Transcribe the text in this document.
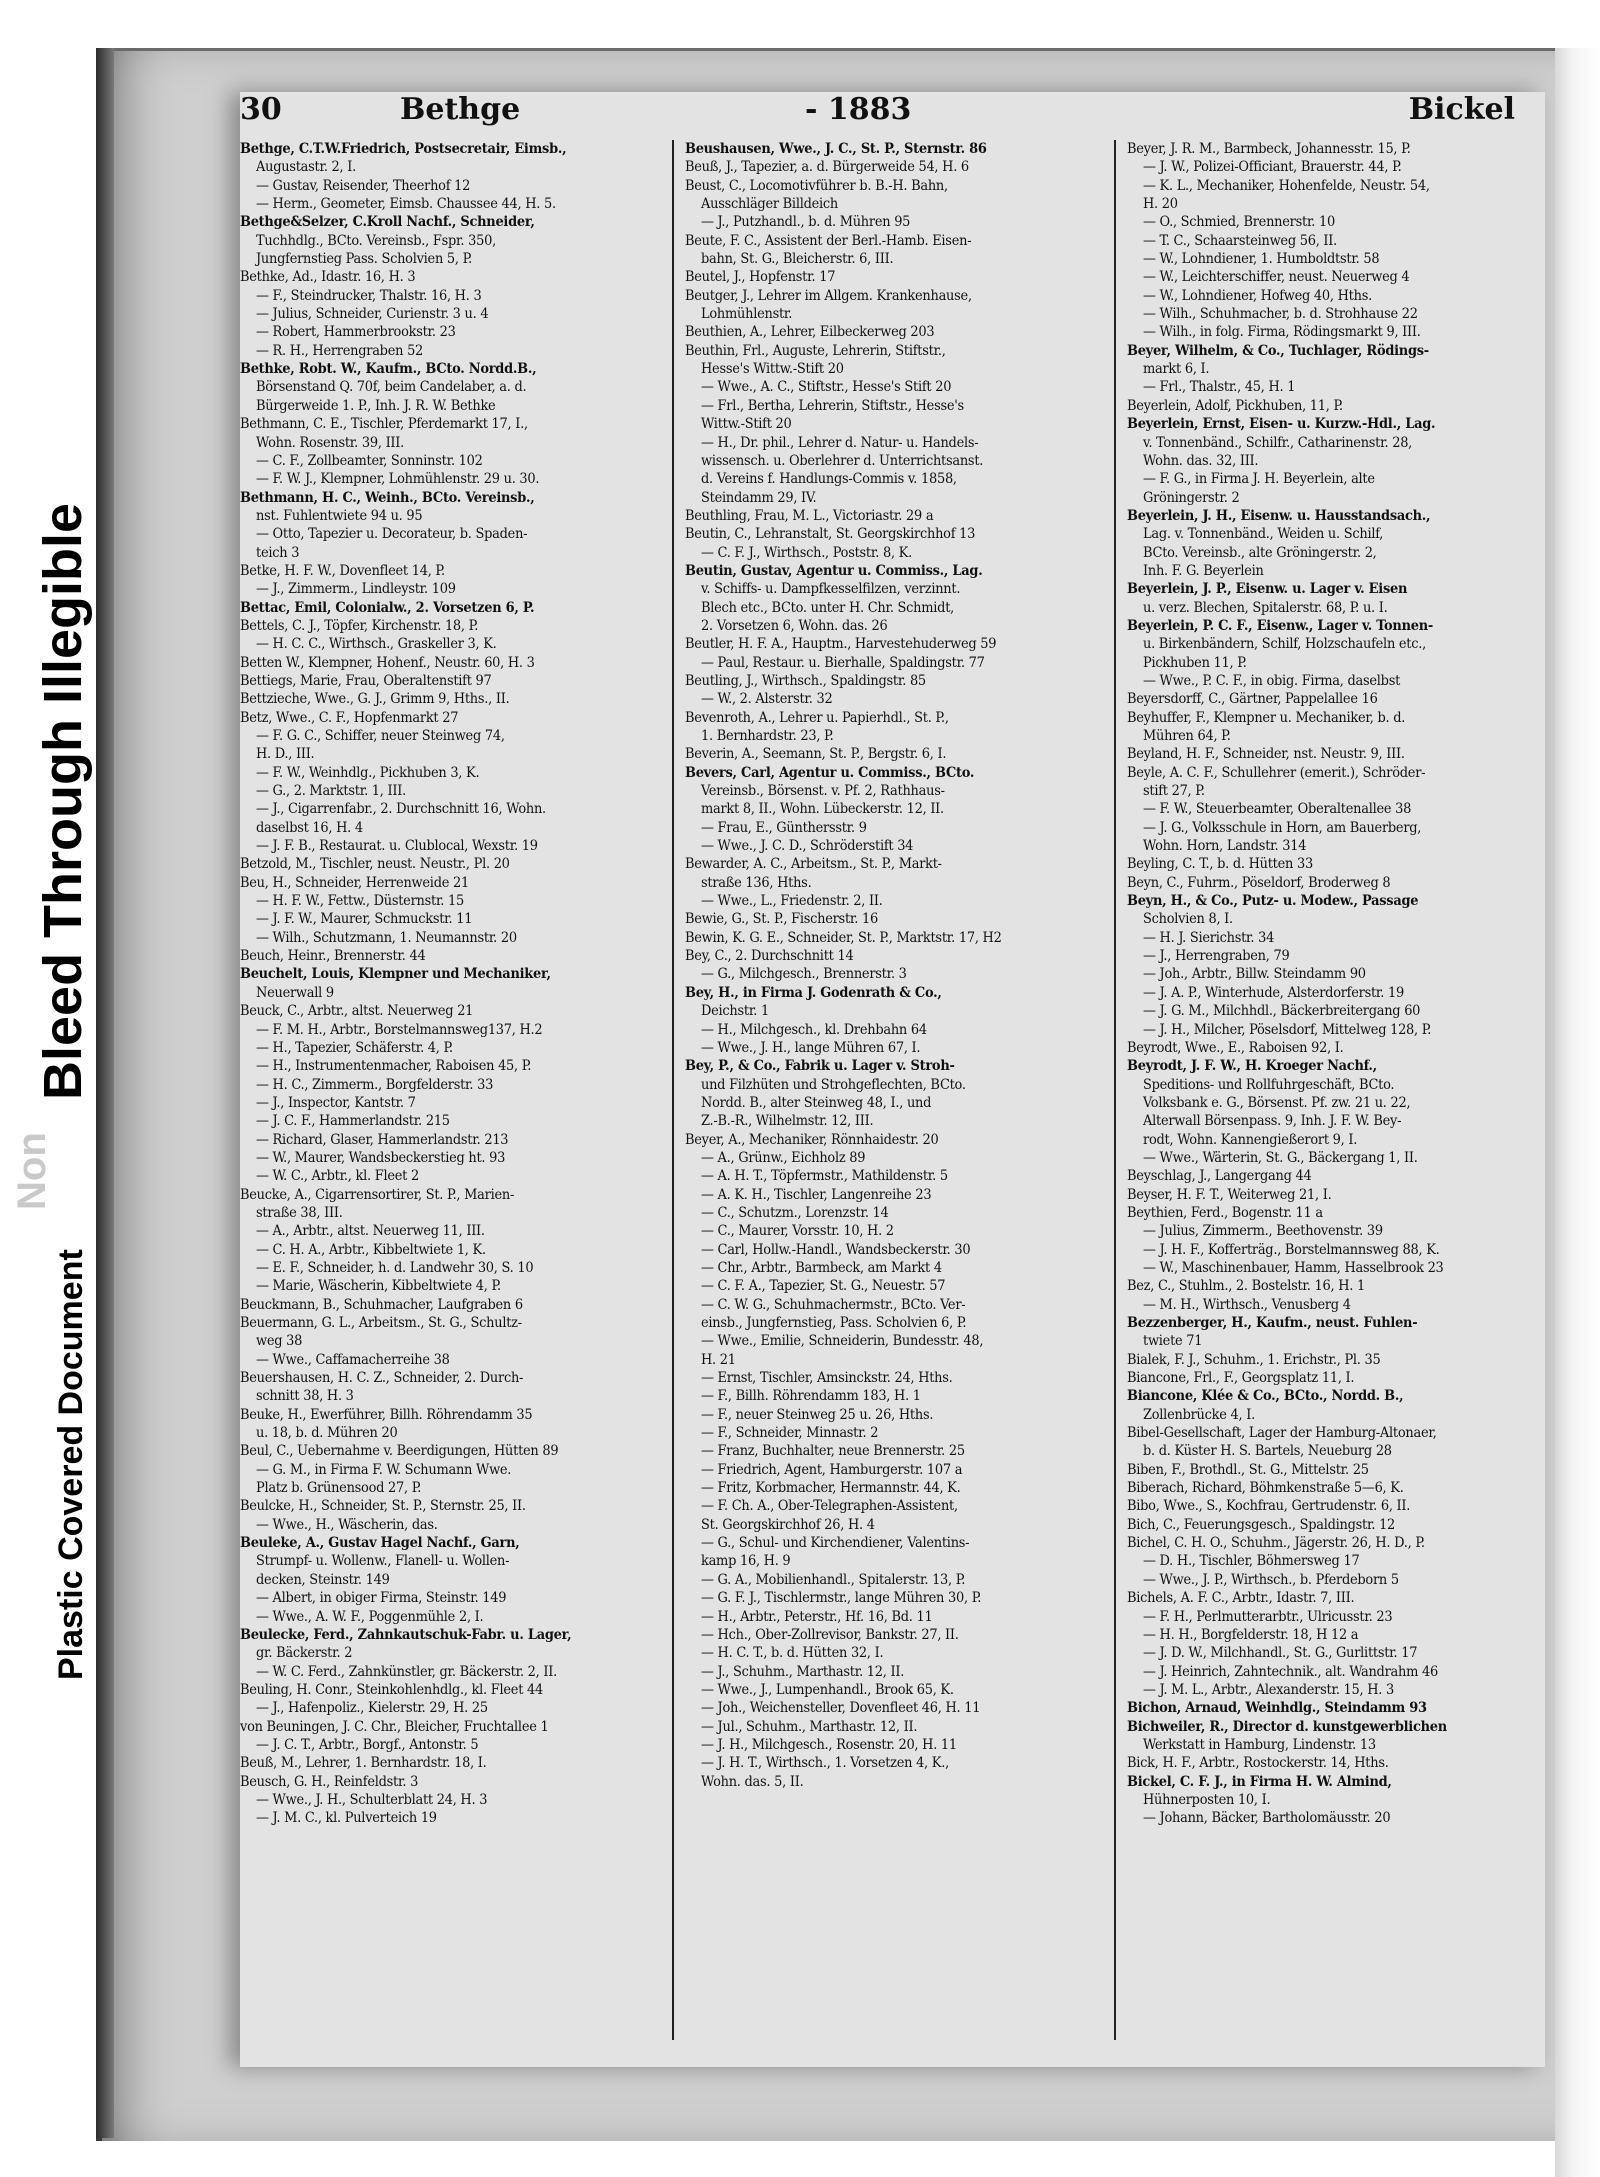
Non
Bleed Through Illegible
Plastic Covered Document
30	Bethge	- 1883	Bickel
Bethge, C.T.W.Friedrich, Postsecretair, Eimsb.,
Augustastr. 2, I.
— Gustav, Reisender, Theerhof 12
— Herm., Geometer, Eimsb. Chaussee 44, H. 5.
Bethge&Selzer, C.Kroll Nachf., Schneider,
Tuchhdlg., BCto. Vereinsb., Fspr. 350,
Jungfernstieg Pass. Scholvien 5, P.
Bethke, Ad., Idastr. 16, H. 3
— F., Steindrucker, Thalstr. 16, H. 3
— Julius, Schneider, Curienstr. 3 u. 4
— Robert, Hammerbrookstr. 23
— R. H., Herrengraben 52
Bethke, Robt. W., Kaufm., BCto. Nordd.B.,
Börsenstand Q. 70f, beim Candelaber, a. d.
Bürgerweide 1. P., Inh. J. R. W. Bethke
Bethmann, C. E., Tischler, Pferdemarkt 17, I.,
Wohn. Rosenstr. 39, III.
— C. F., Zollbeamter, Sonninstr. 102
— F. W. J., Klempner, Lohmühlenstr. 29 u. 30.
Bethmann, H. C., Weinh., BCto. Vereinsb.,
nst. Fuhlentwiete 94 u. 95
— Otto, Tapezier u. Decorateur, b. Spaden-
teich 3
Betke, H. F. W., Dovenfleet 14, P.
— J., Zimmerm., Lindleystr. 109
Bettac, Emil, Colonialw., 2. Vorsetzen 6, P.
Bettels, C. J., Töpfer, Kirchenstr. 18, P.
— H. C. C., Wirthsch., Graskeller 3, K.
Betten W., Klempner, Hohenf., Neustr. 60, H. 3
Bettiegs, Marie, Frau, Oberaltenstift 97
Bettzieche, Wwe., G. J., Grimm 9, Hths., II.
Betz, Wwe., C. F., Hopfenmarkt 27
— F. G. C., Schiffer, neuer Steinweg 74,
H. D., III.
— F. W., Weinhdlg., Pickhuben 3, K.
— G., 2. Marktstr. 1, III.
— J., Cigarrenfabr., 2. Durchschnitt 16, Wohn.
daselbst 16, H. 4
— J. F. B., Restaurat. u. Clublocal, Wexstr. 19
Betzold, M., Tischler, neust. Neustr., Pl. 20
Beu, H., Schneider, Herrenweide 21
— H. F. W., Fettw., Düsternstr. 15
— J. F. W., Maurer, Schmuckstr. 11
— Wilh., Schutzmann, 1. Neumannstr. 20
Beuch, Heinr., Brennerstr. 44
Beuchelt, Louis, Klempner und Mechaniker,
Neuerwall 9
Beuck, C., Arbtr., altst. Neuerweg 21
— F. M. H., Arbtr., Borstelmannsweg137, H.2
— H., Tapezier, Schäferstr. 4, P.
— H., Instrumentenmacher, Raboisen 45, P.
— H. C., Zimmerm., Borgfelderstr. 33
— J., Inspector, Kantstr. 7
— J. C. F., Hammerlandstr. 215
— Richard, Glaser, Hammerlandstr. 213
— W., Maurer, Wandsbeckerstieg ht. 93
— W. C., Arbtr., kl. Fleet 2
Beucke, A., Cigarrensortirer, St. P., Marien-
straße 38, III.
— A., Arbtr., altst. Neuerweg 11, III.
— C. H. A., Arbtr., Kibbeltwiete 1, K.
— E. F., Schneider, h. d. Landwehr 30, S. 10
— Marie, Wäscherin, Kibbeltwiete 4, P.
Beuckmann, B., Schuhmacher, Laufgraben 6
Beuermann, G. L., Arbeitsm., St. G., Schultz-
weg 38
— Wwe., Caffamacherreihe 38
Beuershausen, H. C. Z., Schneider, 2. Durch-
schnitt 38, H. 3
Beuke, H., Ewerführer, Billh. Röhrendamm 35
u. 18, b. d. Mühren 20
Beul, C., Uebernahme v. Beerdigungen, Hütten 89
— G. M., in Firma F. W. Schumann Wwe.
Platz b. Grünensood 27, P.
Beulcke, H., Schneider, St. P., Sternstr. 25, II.
— Wwe., H., Wäscherin, das.
Beuleke, A., Gustav Hagel Nachf., Garn,
Strumpf- u. Wollenw., Flanell- u. Wollen-
decken, Steinstr. 149
— Albert, in obiger Firma, Steinstr. 149
— Wwe., A. W. F., Poggenmühle 2, I.
Beulecke, Ferd., Zahnkautschuk-Fabr. u. Lager,
gr. Bäckerstr. 2
— W. C. Ferd., Zahnkünstler, gr. Bäckerstr. 2, II.
Beuling, H. Conr., Steinkohlenhdlg., kl. Fleet 44
— J., Hafenpoliz., Kielerstr. 29, H. 25
von Beuningen, J. C. Chr., Bleicher, Fruchtallee 1
— J. C. T., Arbtr., Borgf., Antonstr. 5
Beuß, M., Lehrer, 1. Bernhardstr. 18, I.
Beusch, G. H., Reinfeldstr. 3
— Wwe., J. H., Schulterblatt 24, H. 3
— J. M. C., kl. Pulverteich 19
Beushausen, Wwe., J. C., St. P., Sternstr. 86
Beuß, J., Tapezier, a. d. Bürgerweide 54, H. 6
Beust, C., Locomotivführer b. B.-H. Bahn,
Ausschläger Billdeich
— J., Putzhandl., b. d. Mühren 95
Beute, F. C., Assistent der Berl.-Hamb. Eisen-
bahn, St. G., Bleicherstr. 6, III.
Beutel, J., Hopfenstr. 17
Beutger, J., Lehrer im Allgem. Krankenhause,
Lohmühlenstr.
Beuthien, A., Lehrer, Eilbeckerweg 203
Beuthin, Frl., Auguste, Lehrerin, Stiftstr.,
Hesse's Wittw.-Stift 20
— Wwe., A. C., Stiftstr., Hesse's Stift 20
— Frl., Bertha, Lehrerin, Stiftstr., Hesse's
Wittw.-Stift 20
— H., Dr. phil., Lehrer d. Natur- u. Handels-
wissensch. u. Oberlehrer d. Unterrichtsanst.
d. Vereins f. Handlungs-Commis v. 1858,
Steindamm 29, IV.
Beuthling, Frau, M. L., Victoriastr. 29 a
Beutin, C., Lehranstalt, St. Georgskirchhof 13
— C. F. J., Wirthsch., Poststr. 8, K.
Beutin, Gustav, Agentur u. Commiss., Lag.
v. Schiffs- u. Dampfkesselfilzen, verzinnt.
Blech etc., BCto. unter H. Chr. Schmidt,
2. Vorsetzen 6, Wohn. das. 26
Beutler, H. F. A., Hauptm., Harvestehuderweg 59
— Paul, Restaur. u. Bierhalle, Spaldingstr. 77
Beutling, J., Wirthsch., Spaldingstr. 85
— W., 2. Alsterstr. 32
Bevenroth, A., Lehrer u. Papierhdl., St. P.,
1. Bernhardstr. 23, P.
Beverin, A., Seemann, St. P., Bergstr. 6, I.
Bevers, Carl, Agentur u. Commiss., BCto.
Vereinsb., Börsenst. v. Pf. 2, Rathhaus-
markt 8, II., Wohn. Lübeckerstr. 12, II.
— Frau, E., Günthersstr. 9
— Wwe., J. C. D., Schröderstift 34
Bewarder, A. C., Arbeitsm., St. P., Markt-
straße 136, Hths.
— Wwe., L., Friedenstr. 2, II.
Bewie, G., St. P., Fischerstr. 16
Bewin, K. G. E., Schneider, St. P., Marktstr. 17, H2
Bey, C., 2. Durchschnitt 14
— G., Milchgesch., Brennerstr. 3
Bey, H., in Firma J. Godenrath & Co.,
Deichstr. 1
— H., Milchgesch., kl. Drehbahn 64
— Wwe., J. H., lange Mühren 67, I.
Bey, P., & Co., Fabrik u. Lager v. Stroh-
und Filzhüten und Strohgeflechten, BCto.
Nordd. B., alter Steinweg 48, I., und
Z.-B.-R., Wilhelmstr. 12, III.
Beyer, A., Mechaniker, Rönnhaidestr. 20
— A., Grünw., Eichholz 89
— A. H. T., Töpfermstr., Mathildenstr. 5
— A. K. H., Tischler, Langenreihe 23
— C., Schutzm., Lorenzstr. 14
— C., Maurer, Vorsstr. 10, H. 2
— Carl, Hollw.-Handl., Wandsbeckerstr. 30
— Chr., Arbtr., Barmbeck, am Markt 4
— C. F. A., Tapezier, St. G., Neuestr. 57
— C. W. G., Schuhmachermstr., BCto. Ver-
einsb., Jungfernstieg, Pass. Scholvien 6, P.
— Wwe., Emilie, Schneiderin, Bundesstr. 48,
H. 21
— Ernst, Tischler, Amsinckstr. 24, Hths.
— F., Billh. Röhrendamm 183, H. 1
— F., neuer Steinweg 25 u. 26, Hths.
— F., Schneider, Minnastr. 2
— Franz, Buchhalter, neue Brennerstr. 25
— Friedrich, Agent, Hamburgerstr. 107 a
— Fritz, Korbmacher, Hermannstr. 44, K.
— F. Ch. A., Ober-Telegraphen-Assistent,
St. Georgskirchhof 26, H. 4
— G., Schul- und Kirchendiener, Valentins-
kamp 16, H. 9
— G. A., Mobilienhandl., Spitalerstr. 13, P.
— G. F. J., Tischlermstr., lange Mühren 30, P.
— H., Arbtr., Peterstr., Hf. 16, Bd. 11
— Hch., Ober-Zollrevisor, Bankstr. 27, II.
— H. C. T., b. d. Hütten 32, I.
— J., Schuhm., Marthastr. 12, II.
— Wwe., J., Lumpenhandl., Brook 65, K.
— Joh., Weichensteller, Dovenfleet 46, H. 11
— Jul., Schuhm., Marthastr. 12, II.
— J. H., Milchgesch., Rosenstr. 20, H. 11
— J. H. T., Wirthsch., 1. Vorsetzen 4, K.,
Wohn. das. 5, II.
Beyer, J. R. M., Barmbeck, Johannesstr. 15, P.
— J. W., Polizei-Officiant, Brauerstr. 44, P.
— K. L., Mechaniker, Hohenfelde, Neustr. 54,
H. 20
— O., Schmied, Brennerstr. 10
— T. C., Schaarsteinweg 56, II.
— W., Lohndiener, 1. Humboldtstr. 58
— W., Leichterschiffer, neust. Neuerweg 4
— W., Lohndiener, Hofweg 40, Hths.
— Wilh., Schuhmacher, b. d. Strohhause 22
— Wilh., in folg. Firma, Rödingsmarkt 9, III.
Beyer, Wilhelm, & Co., Tuchlager, Rödings-
markt 6, I.
— Frl., Thalstr., 45, H. 1
Beyerlein, Adolf, Pickhuben, 11, P.
Beyerlein, Ernst, Eisen- u. Kurzw.-Hdl., Lag.
v. Tonnenbänd., Schilfr., Catharinenstr. 28,
Wohn. das. 32, III.
— F. G., in Firma J. H. Beyerlein, alte
Gröningerstr. 2
Beyerlein, J. H., Eisenw. u. Hausstandsach.,
Lag. v. Tonnenbänd., Weiden u. Schilf,
BCto. Vereinsb., alte Gröningerstr. 2,
Inh. F. G. Beyerlein
Beyerlein, J. P., Eisenw. u. Lager v. Eisen
u. verz. Blechen, Spitalerstr. 68, P. u. I.
Beyerlein, P. C. F., Eisenw., Lager v. Tonnen-
u. Birkenbändern, Schilf, Holzschaufeln etc.,
Pickhuben 11, P.
— Wwe., P. C. F., in obig. Firma, daselbst
Beyersdorff, C., Gärtner, Pappelallee 16
Beyhuffer, F., Klempner u. Mechaniker, b. d.
Mühren 64, P.
Beyland, H. F., Schneider, nst. Neustr. 9, III.
Beyle, A. C. F., Schullehrer (emerit.), Schröder-
stift 27, P.
— F. W., Steuerbeamter, Oberaltenallee 38
— J. G., Volksschule in Horn, am Bauerberg,
Wohn. Horn, Landstr. 314
Beyling, C. T., b. d. Hütten 33
Beyn, C., Fuhrm., Pöseldorf, Broderweg 8
Beyn, H., & Co., Putz- u. Modew., Passage
Scholvien 8, I.
— H. J. Sierichstr. 34
— J., Herrengraben, 79
— Joh., Arbtr., Billw. Steindamm 90
— J. A. P., Winterhude, Alsterdorferstr. 19
— J. G. M., Milchhdl., Bäckerbreitergang 60
— J. H., Milcher, Pöselsdorf, Mittelweg 128, P.
Beyrodt, Wwe., E., Raboisen 92, I.
Beyrodt, J. F. W., H. Kroeger Nachf.,
Speditions- und Rollfuhrgeschäft, BCto.
Volksbank e. G., Börsenst. Pf. zw. 21 u. 22,
Alterwall Börsenpass. 9, Inh. J. F. W. Bey-
rodt, Wohn. Kannengießerort 9, I.
— Wwe., Wärterin, St. G., Bäckergang 1, II.
Beyschlag, J., Langergang 44
Beyser, H. F. T., Weiterweg 21, I.
Beythien, Ferd., Bogenstr. 11 a
— Julius, Zimmerm., Beethovenstr. 39
— J. H. F., Kofferträg., Borstelmannsweg 88, K.
— W., Maschinenbauer, Hamm, Hasselbrook 23
Bez, C., Stuhlm., 2. Bostelstr. 16, H. 1
— M. H., Wirthsch., Venusberg 4
Bezzenberger, H., Kaufm., neust. Fuhlen-
twiete 71
Bialek, F. J., Schuhm., 1. Erichstr., Pl. 35
Biancone, Frl., F., Georgsplatz 11, I.
Biancone, Klée & Co., BCto., Nordd. B.,
Zollenbrücke 4, I.
Bibel-Gesellschaft, Lager der Hamburg-Altonaer,
b. d. Küster H. S. Bartels, Neueburg 28
Biben, F., Brothdl., St. G., Mittelstr. 25
Biberach, Richard, Böhmkenstraße 5—6, K.
Bibo, Wwe., S., Kochfrau, Gertrudenstr. 6, II.
Bich, C., Feuerungsgesch., Spaldingstr. 12
Bichel, C. H. O., Schuhm., Jägerstr. 26, H. D., P.
— D. H., Tischler, Böhmersweg 17
— Wwe., J. P., Wirthsch., b. Pferdeborn 5
Bichels, A. F. C., Arbtr., Idastr. 7, III.
— F. H., Perlmutterarbtr., Ulricusstr. 23
— H. H., Borgfelderstr. 18, H 12 a
— J. D. W., Milchhandl., St. G., Gurlittstr. 17
— J. Heinrich, Zahntechnik., alt. Wandrahm 46
— J. M. L., Arbtr., Alexanderstr. 15, H. 3
Bichon, Arnaud, Weinhdlg., Steindamm 93
Bichweiler, R., Director d. kunstgewerblichen
Werkstatt in Hamburg, Lindenstr. 13
Bick, H. F., Arbtr., Rostockerstr. 14, Hths.
Bickel, C. F. J., in Firma H. W. Almind,
Hühnerposten 10, I.
— Johann, Bäcker, Bartholomäusstr. 20
